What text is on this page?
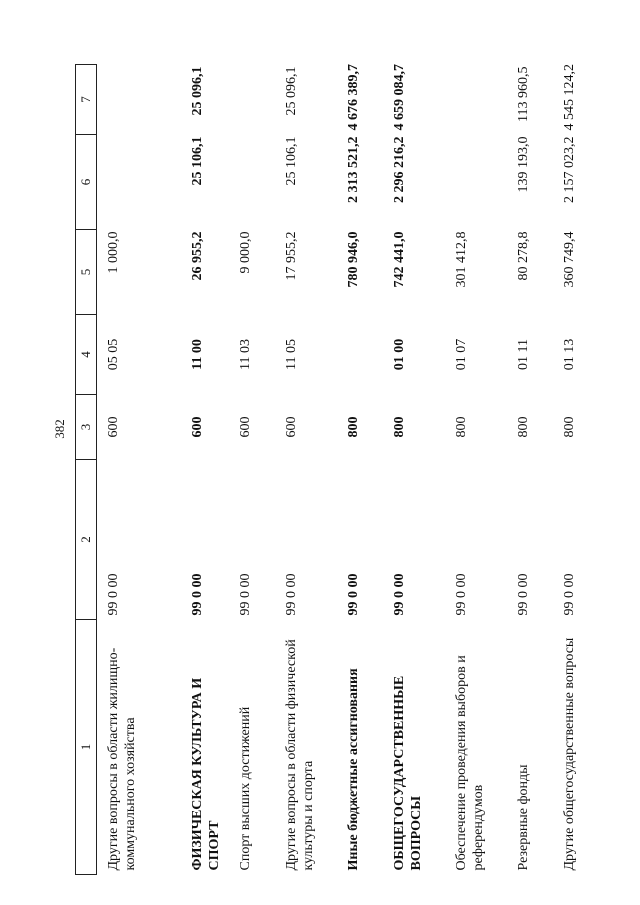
382
1	2	3	4	5	6	7
Другие вопросы в области жилищно-коммунального хозяйства	99 0 00	600	05 05	1 000,0		
ФИЗИЧЕСКАЯ КУЛЬТУРА И СПОРТ	99 0 00	600	11 00	26 955,2	25 106,1	25 096,1
Спорт высших достижений	99 0 00	600	11 03	9 000,0		
Другие вопросы в области физической культуры и спорта	99 0 00	600	11 05	17 955,2	25 106,1	25 096,1
Иные бюджетные ассигнования	99 0 00	800		780 946,0	2 313 521,2	4 676 389,7
ОБЩЕГОСУДАРСТВЕННЫЕ ВОПРОСЫ	99 0 00	800	01 00	742 441,0	2 296 216,2	4 659 084,7
Обеспечение проведения выборов и референдумов	99 0 00	800	01 07	301 412,8		
Резервные фонды	99 0 00	800	01 11	80 278,8	139 193,0	113 960,5
Другие общегосударственные вопросы	99 0 00	800	01 13	360 749,4	2 157 023,2	4 545 124,2
